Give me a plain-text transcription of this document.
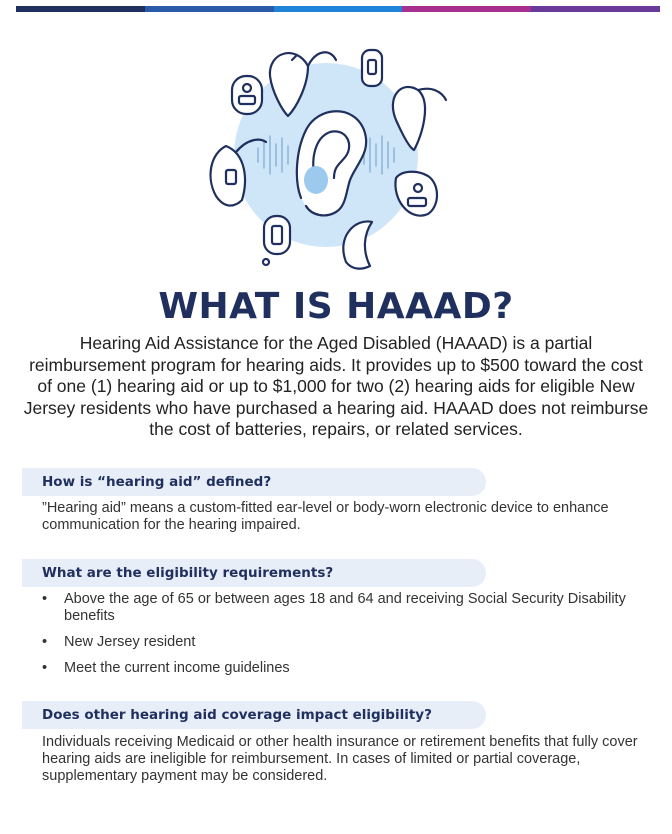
WHAT IS HAAAD?
Hearing Aid Assistance for the Aged Disabled (HAAAD) is a partial reimbursement program for hearing aids. It provides up to $500 toward the cost of one (1) hearing aid or up to $1,000 for two (2) hearing aids for eligible New Jersey residents who have purchased a hearing aid. HAAAD does not reimburse the cost of batteries, repairs, or related services.
How is “hearing aid” defined?
”Hearing aid” means a custom-fitted ear-level or body-worn electronic device to enhance communication for the hearing impaired.
What are the eligibility requirements?
• Above the age of 65 or between ages 18 and 64 and receiving Social Security Disability benefits
• New Jersey resident
• Meet the current income guidelines
Does other hearing aid coverage impact eligibility?
Individuals receiving Medicaid or other health insurance or retirement benefits that fully cover hearing aids are ineligible for reimbursement. In cases of limited or partial coverage, supplementary payment may be considered.
